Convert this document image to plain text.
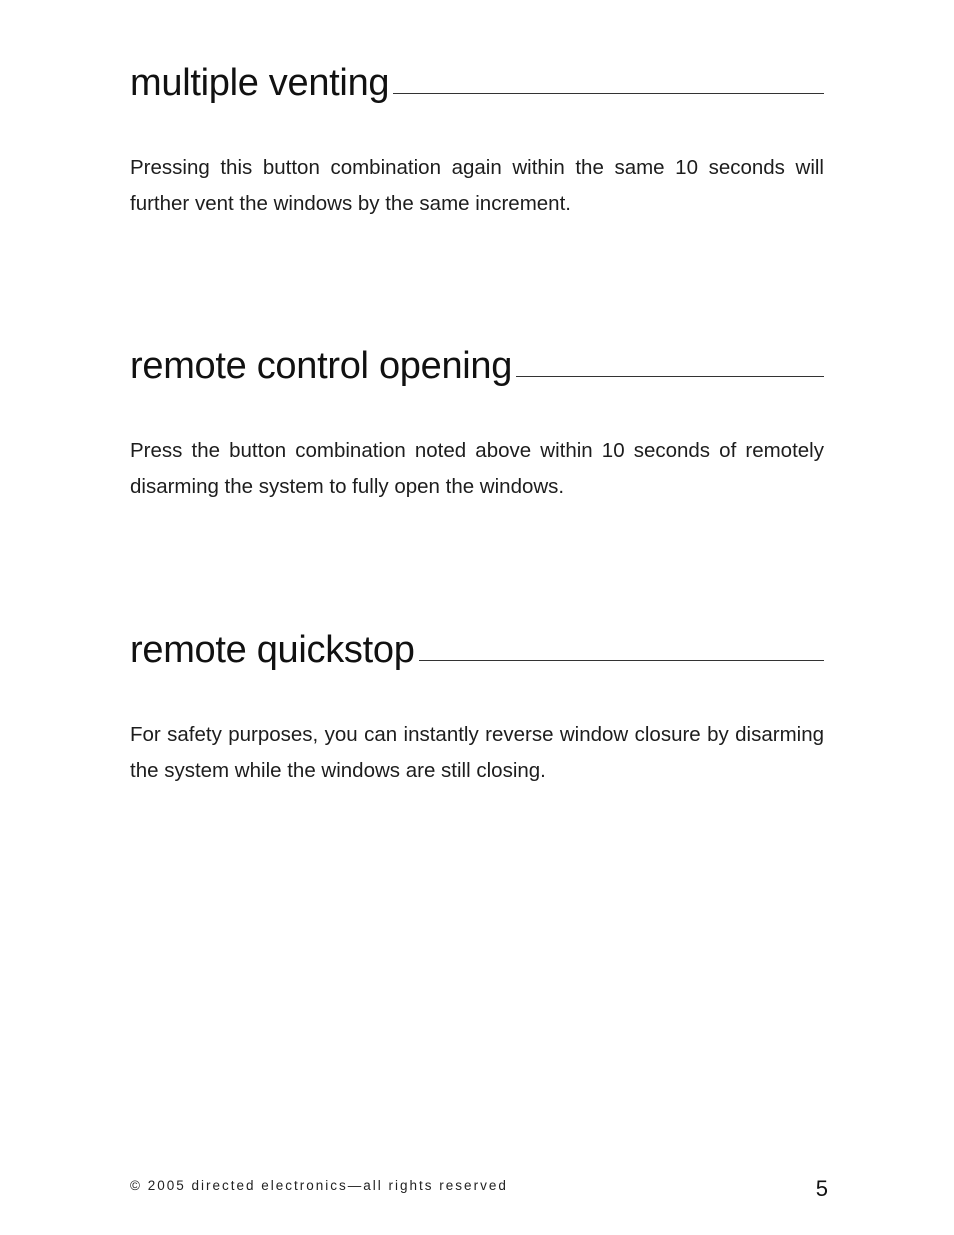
multiple venting

Pressing this button combination again within the same 10 seconds will further vent the windows by the same increment.

remote control opening

Press the button combination noted above within 10 seconds of remotely disarming the system to fully open the windows.

remote quickstop

For safety purposes, you can instantly reverse window closure by disarming the system while the windows are still closing.

© 2005 directed electronics—all rights reserved	5
